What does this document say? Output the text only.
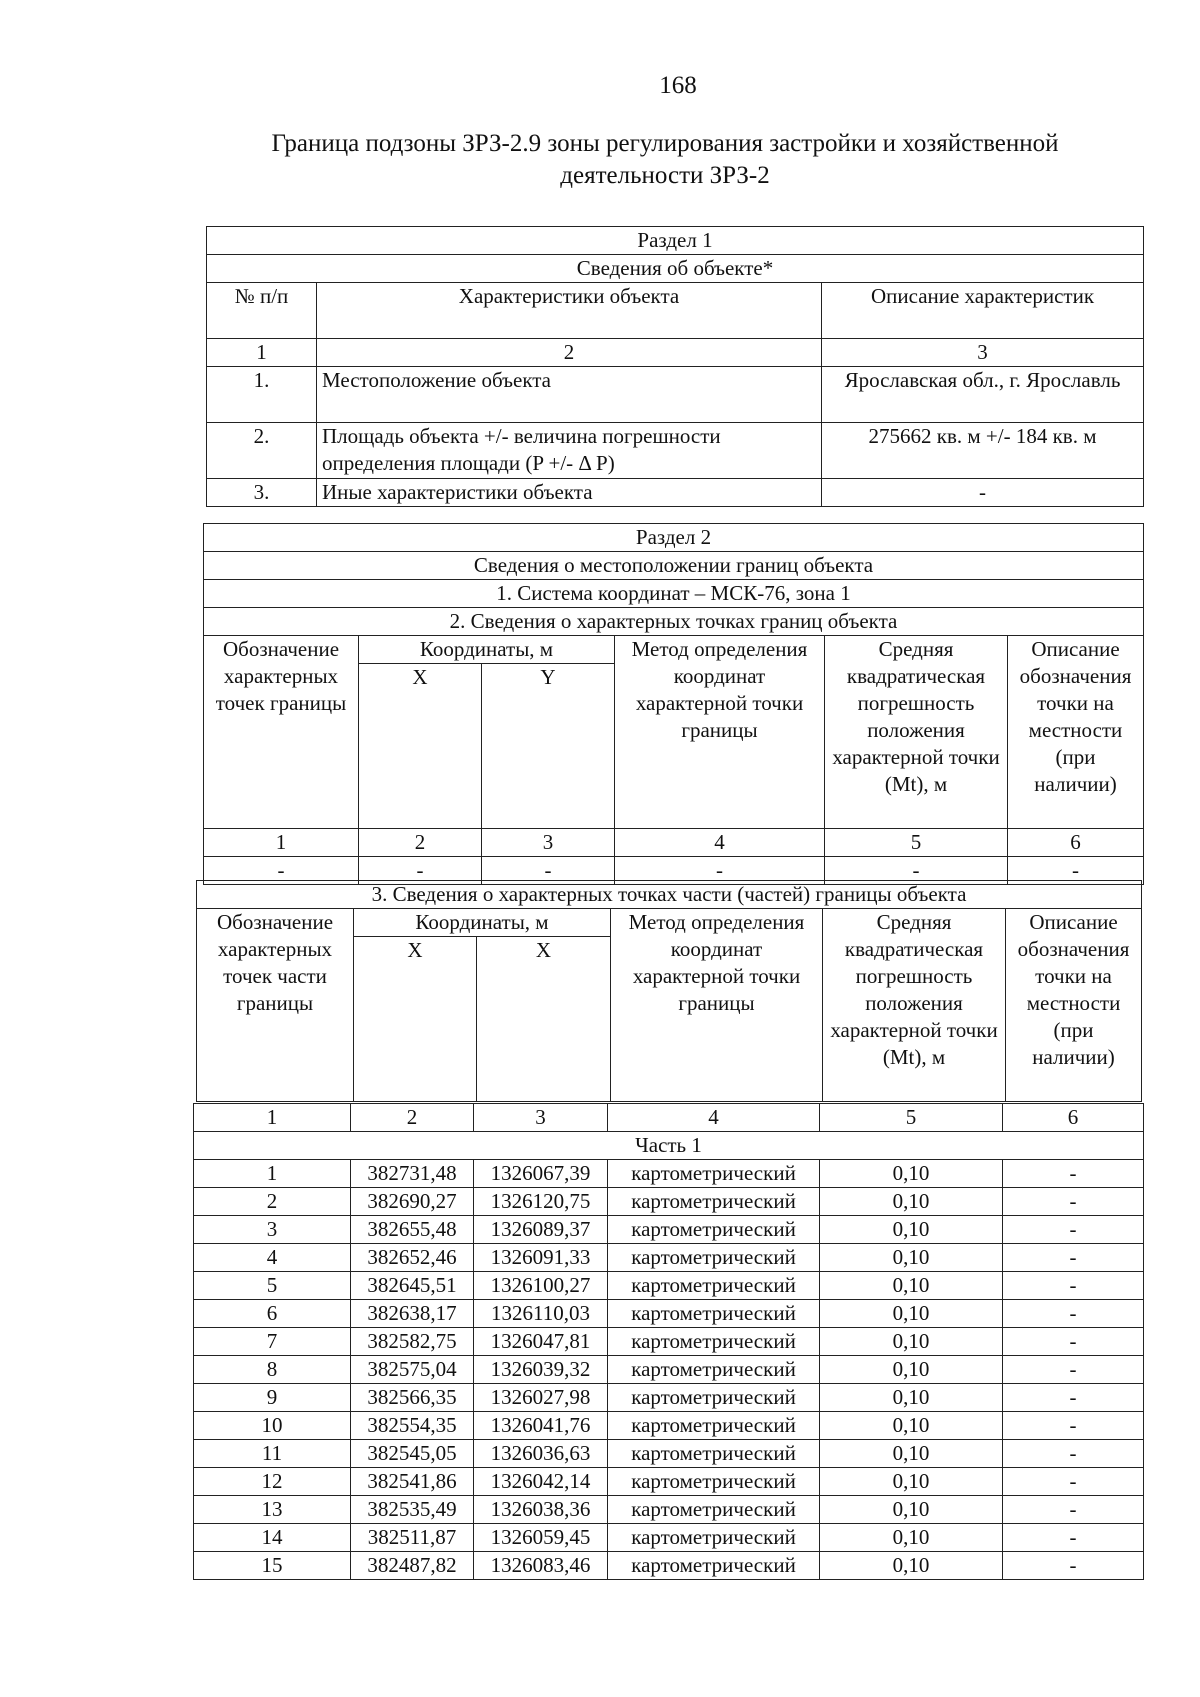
168
Граница подзоны ЗРЗ-2.9 зоны регулирования застройки и хозяйственной
деятельности ЗРЗ-2
Раздел 1		
Сведения об объекте*		
№ п/п	Характеристики объекта	Описание характеристик
1	2	3
1.	Местоположение объекта	Ярославская обл., г. Ярославль
2.	Площадь объекта +/- величина погрешности определения площади (P +/- Δ P)	275662 кв. м +/- 184 кв. м
3.	Иные характеристики объекта	-
Раздел 2					
Сведения о местоположении границ объекта					
1. Система координат – МСК-76, зона 1					
2. Сведения о характерных точках границ объекта					
Обозначение характерных точек границы	Координаты, м		Метод определения координат характерной точки границы	Средняя квадратическая погрешность положения характерной точки (Mt), м	Описание обозначения точки на местности (при наличии)
	X	Y			
1	2	3	4	5	6
-	-	-	-	-	-
3. Сведения о характерных точках части (частей) границы объекта					
Обозначение характерных точек части границы	Координаты, м		Метод определения координат характерной точки границы	Средняя квадратическая погрешность положения характерной точки (Mt), м	Описание обозначения точки на местности (при наличии)
	X	X			
1	2	3	4	5	6
Часть 1					
1	382731,48	1326067,39	картометрический	0,10	-
2	382690,27	1326120,75	картометрический	0,10	-
3	382655,48	1326089,37	картометрический	0,10	-
4	382652,46	1326091,33	картометрический	0,10	-
5	382645,51	1326100,27	картометрический	0,10	-
6	382638,17	1326110,03	картометрический	0,10	-
7	382582,75	1326047,81	картометрический	0,10	-
8	382575,04	1326039,32	картометрический	0,10	-
9	382566,35	1326027,98	картометрический	0,10	-
10	382554,35	1326041,76	картометрический	0,10	-
11	382545,05	1326036,63	картометрический	0,10	-
12	382541,86	1326042,14	картометрический	0,10	-
13	382535,49	1326038,36	картометрический	0,10	-
14	382511,87	1326059,45	картометрический	0,10	-
15	382487,82	1326083,46	картометрический	0,10	-
